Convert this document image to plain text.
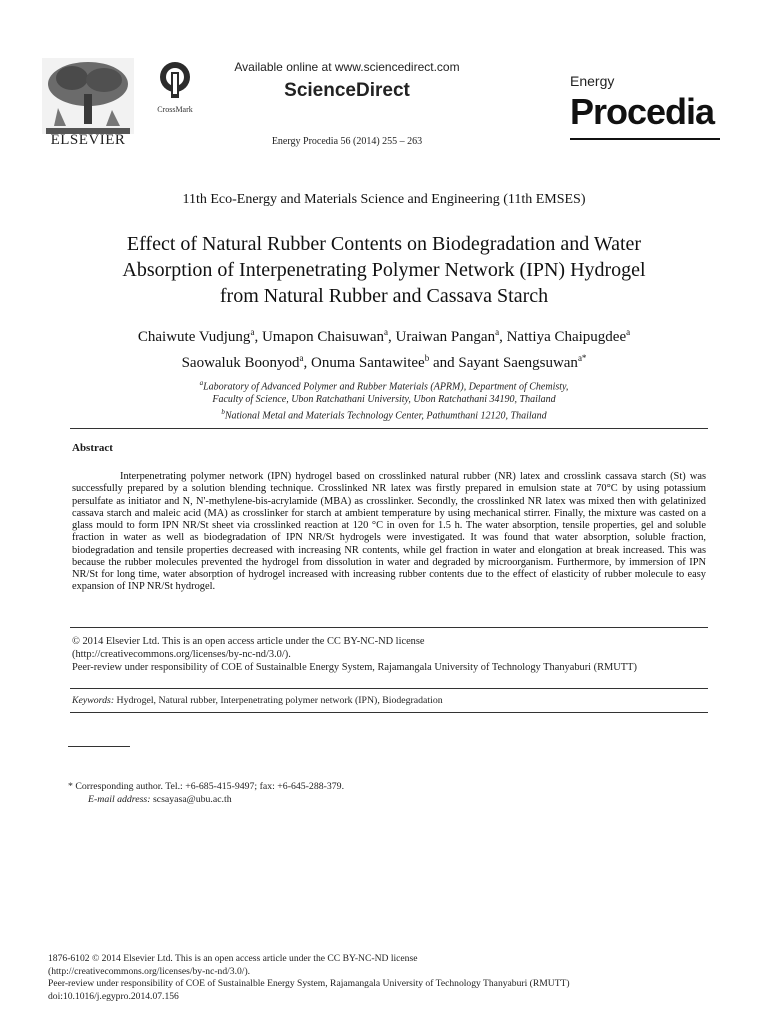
ELSEVIER
CrossMark
Available online at www.sciencedirect.com
ScienceDirect
Energy Procedia 56 (2014) 255 – 263
Energy
Procedia
11th Eco-Energy and Materials Science and Engineering (11th EMSES)
Effect of Natural Rubber Contents on Biodegradation and Water
Absorption of Interpenetrating Polymer Network (IPN) Hydrogel
from Natural Rubber and Cassava Starch
Chaiwute Vudjung$^a$, Umapon Chaisuwan$^a$, Uraiwan Pangan$^a$, Nattiya Chaipugdee$^a$
Saowaluk Boonyod$^a$, Onuma Santawitee$^b$ and Sayant Saengsuwan$^{a*}$
$^a$Laboratory of Advanced Polymer and Rubber Materials (APRM), Department of Chemisty,
Faculty of Science, Ubon Ratchathani University, Ubon Ratchathani 34190, Thailand
$^b$National Metal and Materials Technology Center, Pathumthani 12120, Thailand
Abstract
Interpenetrating polymer network (IPN) hydrogel based on crosslinked natural rubber (NR) latex and crosslink cassava starch (St) was successfully prepared by a solution blending technique. Crosslinked NR latex was firstly prepared in emulsion state at 70°C by using potassium persulfate as initiator and N, N'-methylene-bis-acrylamide (MBA) as crosslinker. Secondly, the crosslinked NR latex was mixed then with gelatinized cassava starch and maleic acid (MA) as crosslinker for starch at ambient temperature by using mechanical stirrer. Finally, the mixture was casted on a glass mould to form IPN NR/St sheet via crosslinked reaction at 120 °C in oven for 1.5 h. The water absorption, tensile properties, gel and soluble fraction in water as well as biodegradation of IPN NR/St hydrogels were investigated. It was found that water absorption, soluble fraction, biodegradation and tensile properties decreased with increasing NR contents, while gel fraction in water and elongation at break increased. This was because the rubber molecules prevented the hydrogel from dissolution in water and degraded by microorganism. Furthermore, by immersion of IPN NR/St for long time, water absorption of hydrogel increased with increasing rubber contents due to the effect of elasticity of rubber molecule to easy expansion of INP NR/St hydrogel.

© 2014 Elsevier Ltd. This is an open access article under the CC BY-NC-ND license

(http://creativecommons.org/licenses/by-nc-nd/3.0/).

Peer-review under responsibility of COE of Sustainalble Energy System, Rajamangala University of Technology Thanyaburi (RMUTT)

Keywords: Hydrogel, Natural rubber, Interpenetrating polymer network (IPN), Biodegradation

* Corresponding author. Tel.: +6-685-415-9497; fax: +6-645-288-379.

E-mail address: scsayasa@ubu.ac.th

1876-6102 © 2014 Elsevier Ltd. This is an open access article under the CC BY-NC-ND license

(http://creativecommons.org/licenses/by-nc-nd/3.0/).

Peer-review under responsibility of COE of Sustainalble Energy System, Rajamangala University of Technology Thanyaburi (RMUTT)

doi:10.1016/j.egypro.2014.07.156
